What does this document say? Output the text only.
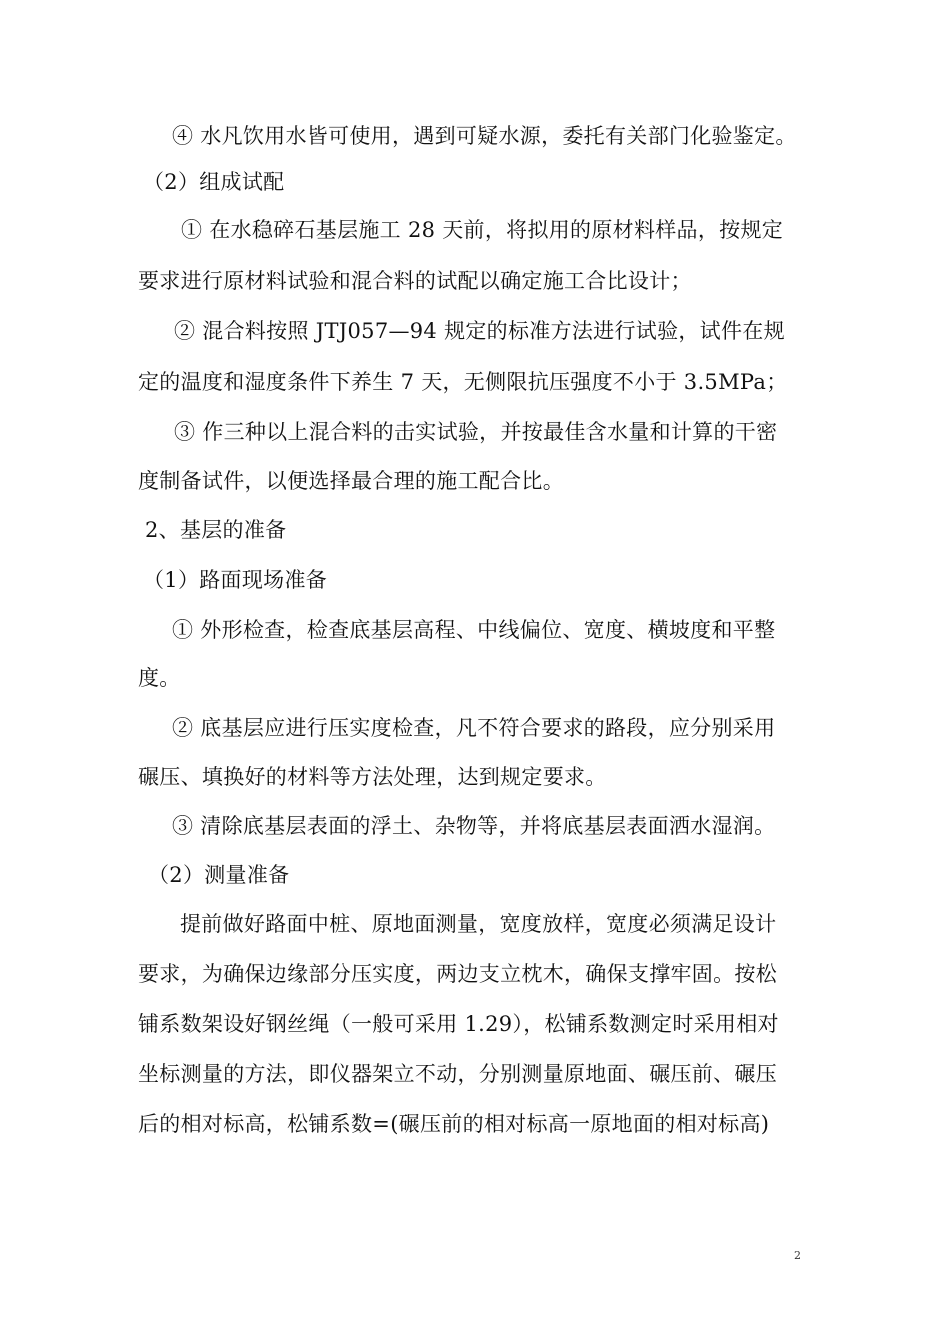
④ 水凡饮用水皆可使用，遇到可疑水源，委托有关部门化验鉴定。
（2）组成试配
① 在水稳碎石基层施工 28 天前，将拟用的原材料样品，按规定
要求进行原材料试验和混合料的试配以确定施工合比设计；
② 混合料按照 JTJ057—94 规定的标准方法进行试验，试件在规
定的温度和湿度条件下养生 7 天，无侧限抗压强度不小于 3.5MPa；
③ 作三种以上混合料的击实试验，并按最佳含水量和计算的干密
度制备试件，以便选择最合理的施工配合比。
2、基层的准备
（1）路面现场准备
① 外形检查，检查底基层高程、中线偏位、宽度、横坡度和平整
度。
② 底基层应进行压实度检查，凡不符合要求的路段，应分别采用
碾压、填换好的材料等方法处理，达到规定要求。
③ 清除底基层表面的浮土、杂物等，并将底基层表面洒水湿润。
（2）测量准备
提前做好路面中桩、原地面测量，宽度放样，宽度必须满足设计
要求，为确保边缘部分压实度，两边支立枕木，确保支撑牢固。按松
铺系数架设好钢丝绳（一般可采用 1.29），松铺系数测定时采用相对
坐标测量的方法，即仪器架立不动，分别测量原地面、碾压前、碾压
后的相对标高，松铺系数=(碾压前的相对标高一原地面的相对标高)
2
